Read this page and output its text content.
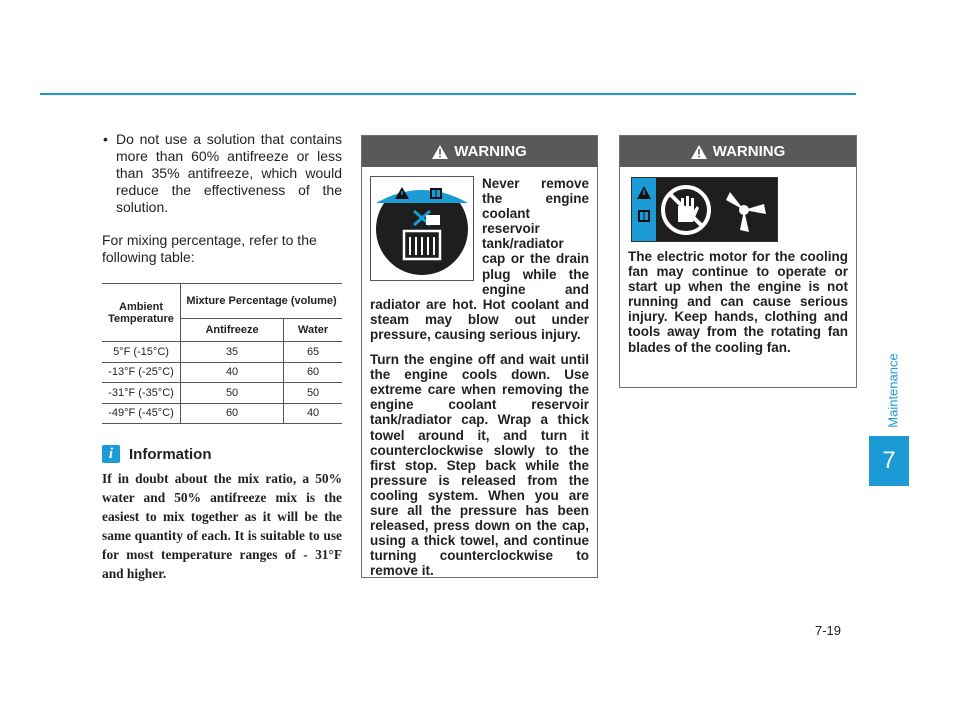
• Do not use a solution that contains more than 60% antifreeze or less than 35% antifreeze, which would reduce the effectiveness of the solution.
For mixing percentage, refer to the following table:
Ambient Temperature	Mixture Percentage (volume)	
	Antifreeze	Water
5°F (-15°C)	35	65
-13°F (-25°C)	40	60
-31°F (-35°C)	50	50
-49°F (-45°C)	60	40
i	Information
If in doubt about the mix ratio, a 50% water and 50% antifreeze mix is the easiest to mix together as it will be the same quantity of each. It is suitable to use for most temperature ranges of - 31°F and higher.
WARNING
Never remove the engine coolant reservoir tank/radiator cap or the drain plug while the engine and radiator are hot. Hot coolant and steam may blow out under pressure, causing serious injury.
Turn the engine off and wait until the engine cools down. Use extreme care when removing the engine coolant reservoir tank/radiator cap. Wrap a thick towel around it, and turn it counterclockwise slowly to the first stop. Step back while the pressure is released from the cooling system. When you are sure all the pressure has been released, press down on the cap, using a thick towel, and continue turning counterclockwise to remove it.
WARNING
The electric motor for the cooling fan may continue to operate or start up when the engine is not running and can cause serious injury. Keep hands, clothing and tools away from the rotating fan blades of the cooling fan.
Maintenance
7
7-19
